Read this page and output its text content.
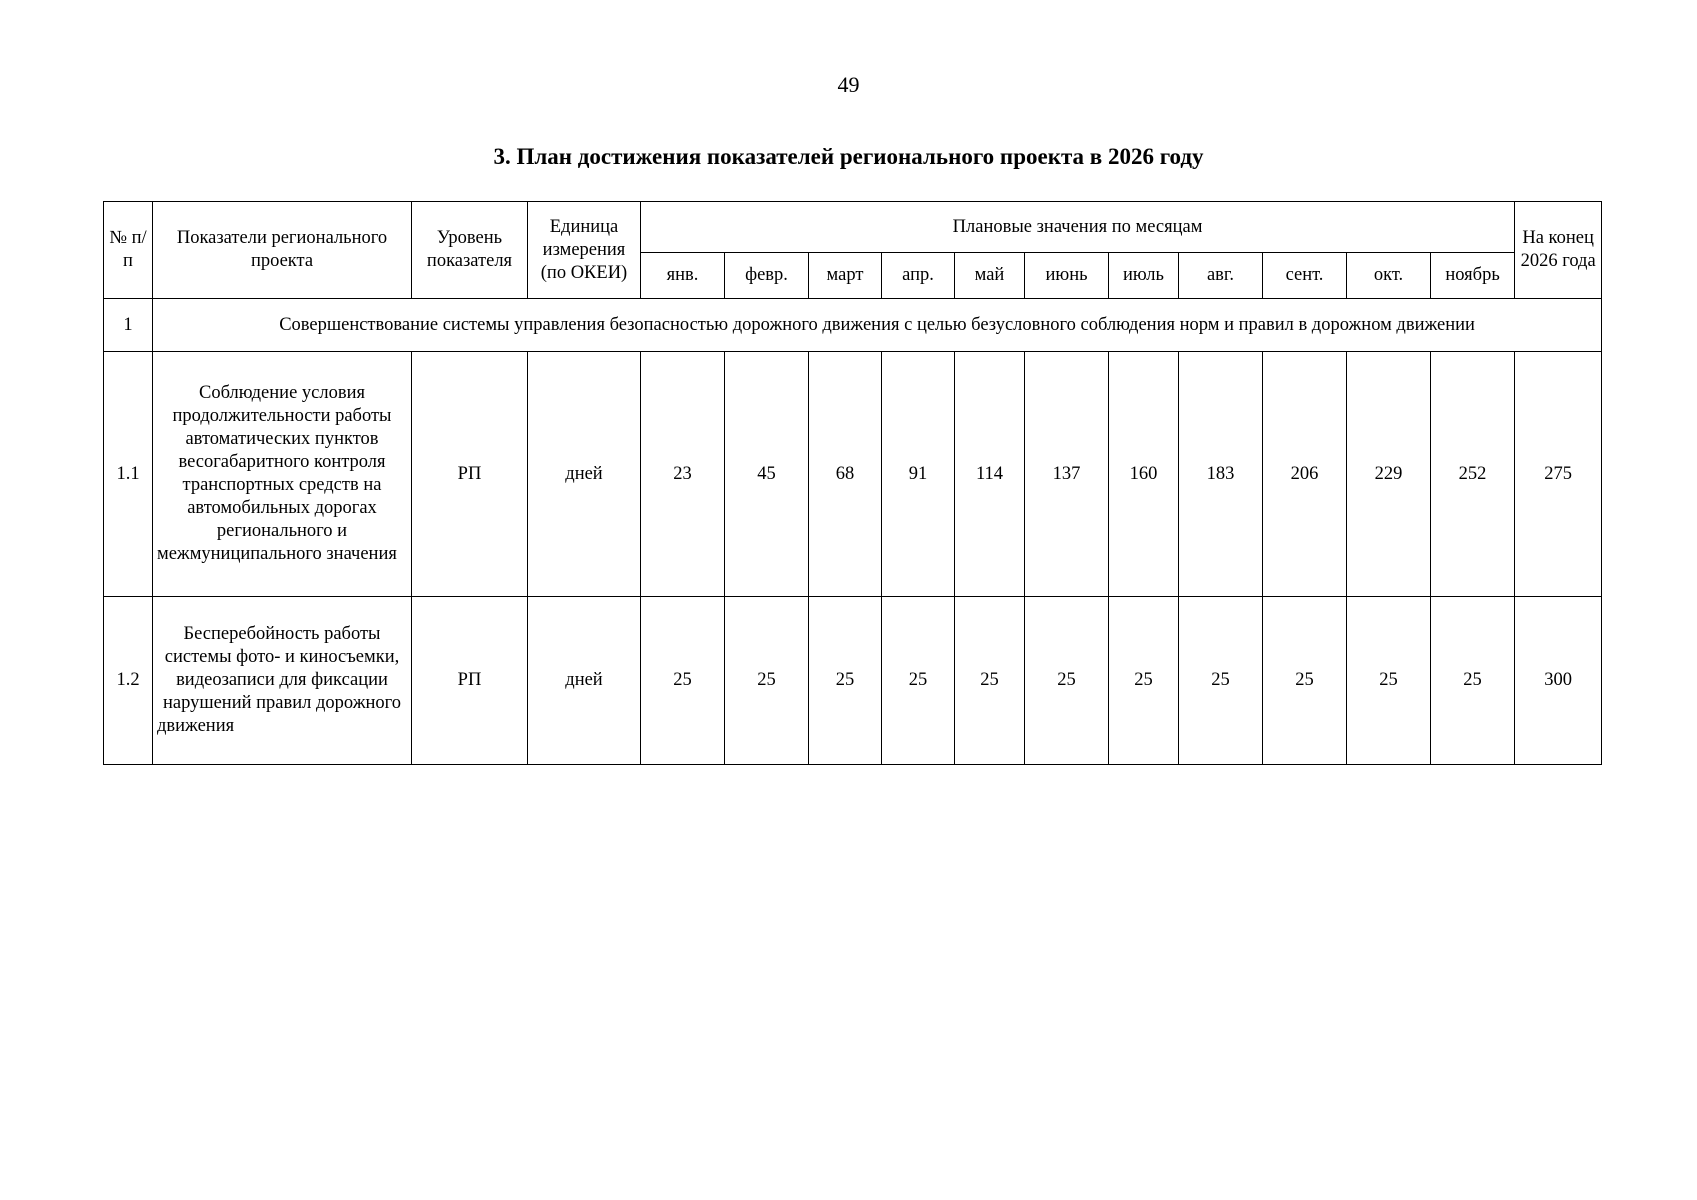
49
3. План достижения показателей регионального проекта в 2026 году
№ п/п	Показатели регионального проекта	Уровень показателя	Единица измерения (по ОКЕИ)	Плановые значения по месяцам											На конец 2026 года
				янв.	февр.	март	апр.	май	июнь	июль	авг.	сент.	окт.	ноябрь	
1	Совершенствование системы управления безопасностью дорожного движения с целью безусловного соблюдения норм и правил в дорожном движении														
1.1	Соблюдение условия продолжительности работы автоматических пунктов весогабаритного контроля транспортных средств на автомобильных дорогах регионального и межмуниципального значения	РП	дней	23	45	68	91	114	137	160	183	206	229	252	275
1.2	Бесперебойность работы системы фото- и киносъемки, видеозаписи для фиксации нарушений правил дорожного движения	РП	дней	25	25	25	25	25	25	25	25	25	25	25	300
